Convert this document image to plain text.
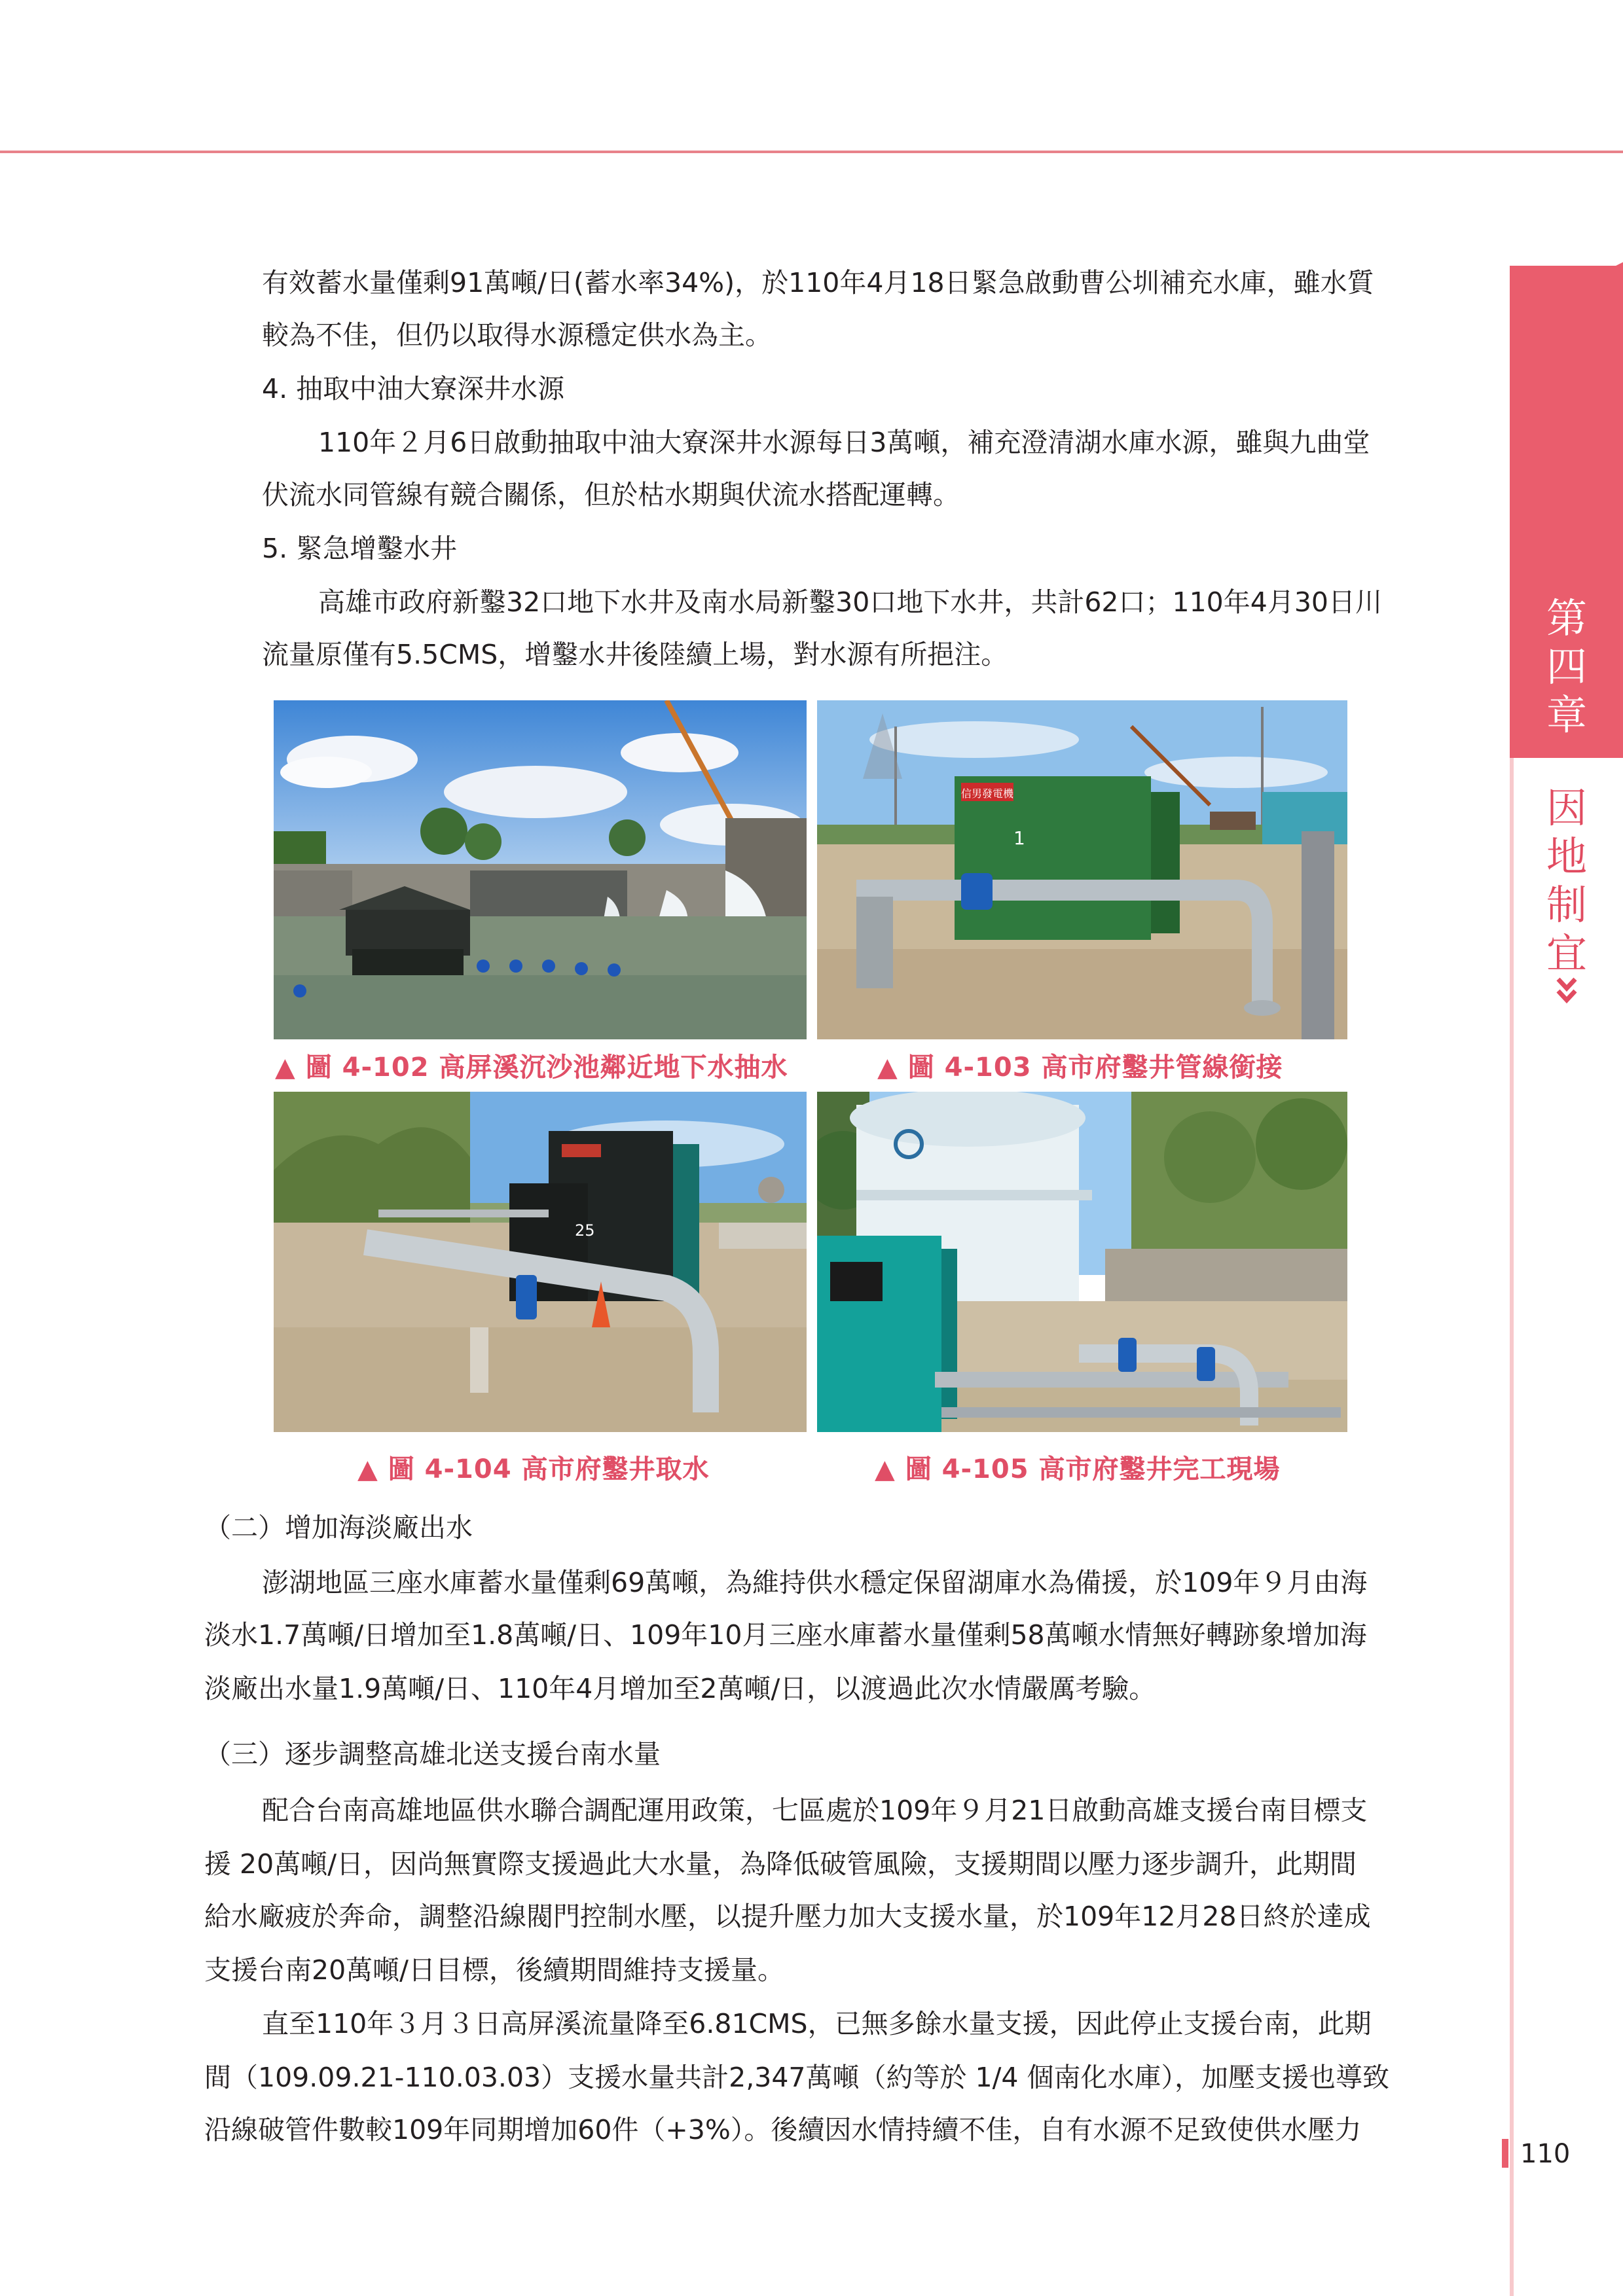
第
四
章
因
地
制
宜
110
有效蓄水量僅剩91萬噸/日(蓄水率34%)，於110年4月18日緊急啟動曹公圳補充水庫，雖水質
較為不佳，但仍以取得水源穩定供水為主。
4. 抽取中油大寮深井水源
110年２月6日啟動抽取中油大寮深井水源每日3萬噸，補充澄清湖水庫水源，雖與九曲堂
伏流水同管線有競合關係，但於枯水期與伏流水搭配運轉。
5. 緊急增鑿水井
高雄市政府新鑿32口地下水井及南水局新鑿30口地下水井，共計62口；110年4月30日川
流量原僅有5.5CMS，增鑿水井後陸續上場，對水源有所挹注。
信男發電機
1
▲ 圖 4-102 高屏溪沉沙池鄰近地下水抽水	▲ 圖 4-103 高市府鑿井管線銜接
25
▲ 圖 4-104 高市府鑿井取水	▲ 圖 4-105 高市府鑿井完工現場
（二）增加海淡廠出水
澎湖地區三座水庫蓄水量僅剩69萬噸，為維持供水穩定保留湖庫水為備援，於109年９月由海
淡水1.7萬噸/日增加至1.8萬噸/日、109年10月三座水庫蓄水量僅剩58萬噸水情無好轉跡象增加海
淡廠出水量1.9萬噸/日、110年4月增加至2萬噸/日，以渡過此次水情嚴厲考驗。
（三）逐步調整高雄北送支援台南水量
配合台南高雄地區供水聯合調配運用政策，七區處於109年９月21日啟動高雄支援台南目標支
援 20萬噸/日，因尚無實際支援過此大水量，為降低破管風險，支援期間以壓力逐步調升，此期間
給水廠疲於奔命，調整沿線閥門控制水壓，以提升壓力加大支援水量，於109年12月28日終於達成
支援台南20萬噸/日目標，後續期間維持支援量。
直至110年３月３日高屏溪流量降至6.81CMS，已無多餘水量支援，因此停止支援台南，此期
間（109.09.21-110.03.03）支援水量共計2,347萬噸（約等於 1/4 個南化水庫），加壓支援也導致
沿線破管件數較109年同期增加60件（+3%）。後續因水情持續不佳，自有水源不足致使供水壓力
